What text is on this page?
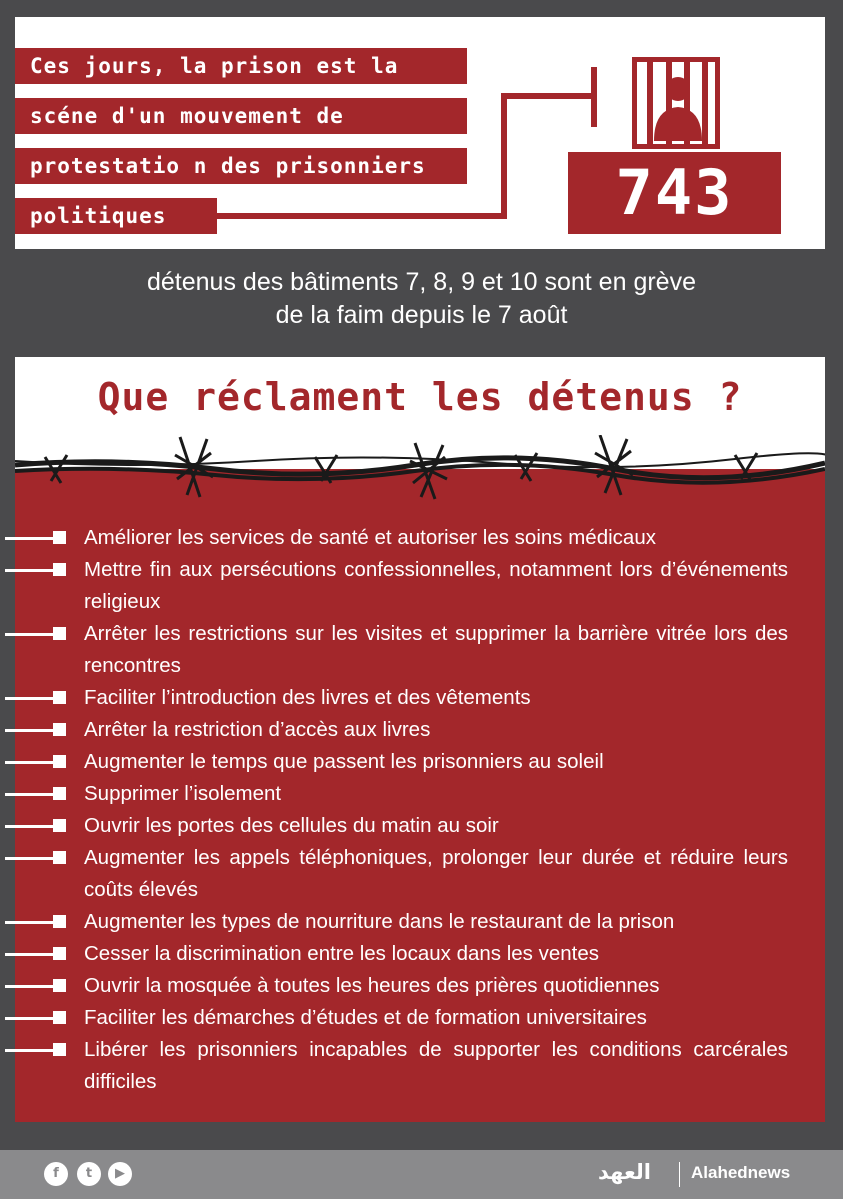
Ces jours, la prison est la
scéne d'un mouvement de
protestatio n des prisonniers
politiques	743
détenus des bâtiments 7, 8, 9 et 10 sont en grève
de la faim depuis le 7 août
Que réclament les détenus ?
Améliorer les services de santé et autoriser les soins médicaux
Mettre fin aux persécutions confessionnelles, notamment lors d’événements religieux
Arrêter les restrictions sur les visites et supprimer la barrière vitrée lors des rencontres
Faciliter l’introduction des livres et des vêtements
Arrêter la restriction d’accès aux livres
Augmenter le temps que passent les prisonniers au soleil
Supprimer l’isolement
Ouvrir les portes des cellules du matin au soir
Augmenter les appels téléphoniques, prolonger leur durée et réduire leurs coûts élevés
Augmenter les types de nourriture dans le restaurant de la prison
Cesser la discrimination entre les locaux dans les ventes
Ouvrir la mosquée à toutes les heures des prières quotidiennes
Faciliter les démarches d’études et de formation universitaires
Libérer les prisonniers incapables de supporter les conditions carcérales difficiles
f	t	▶	العهد Alahednews
